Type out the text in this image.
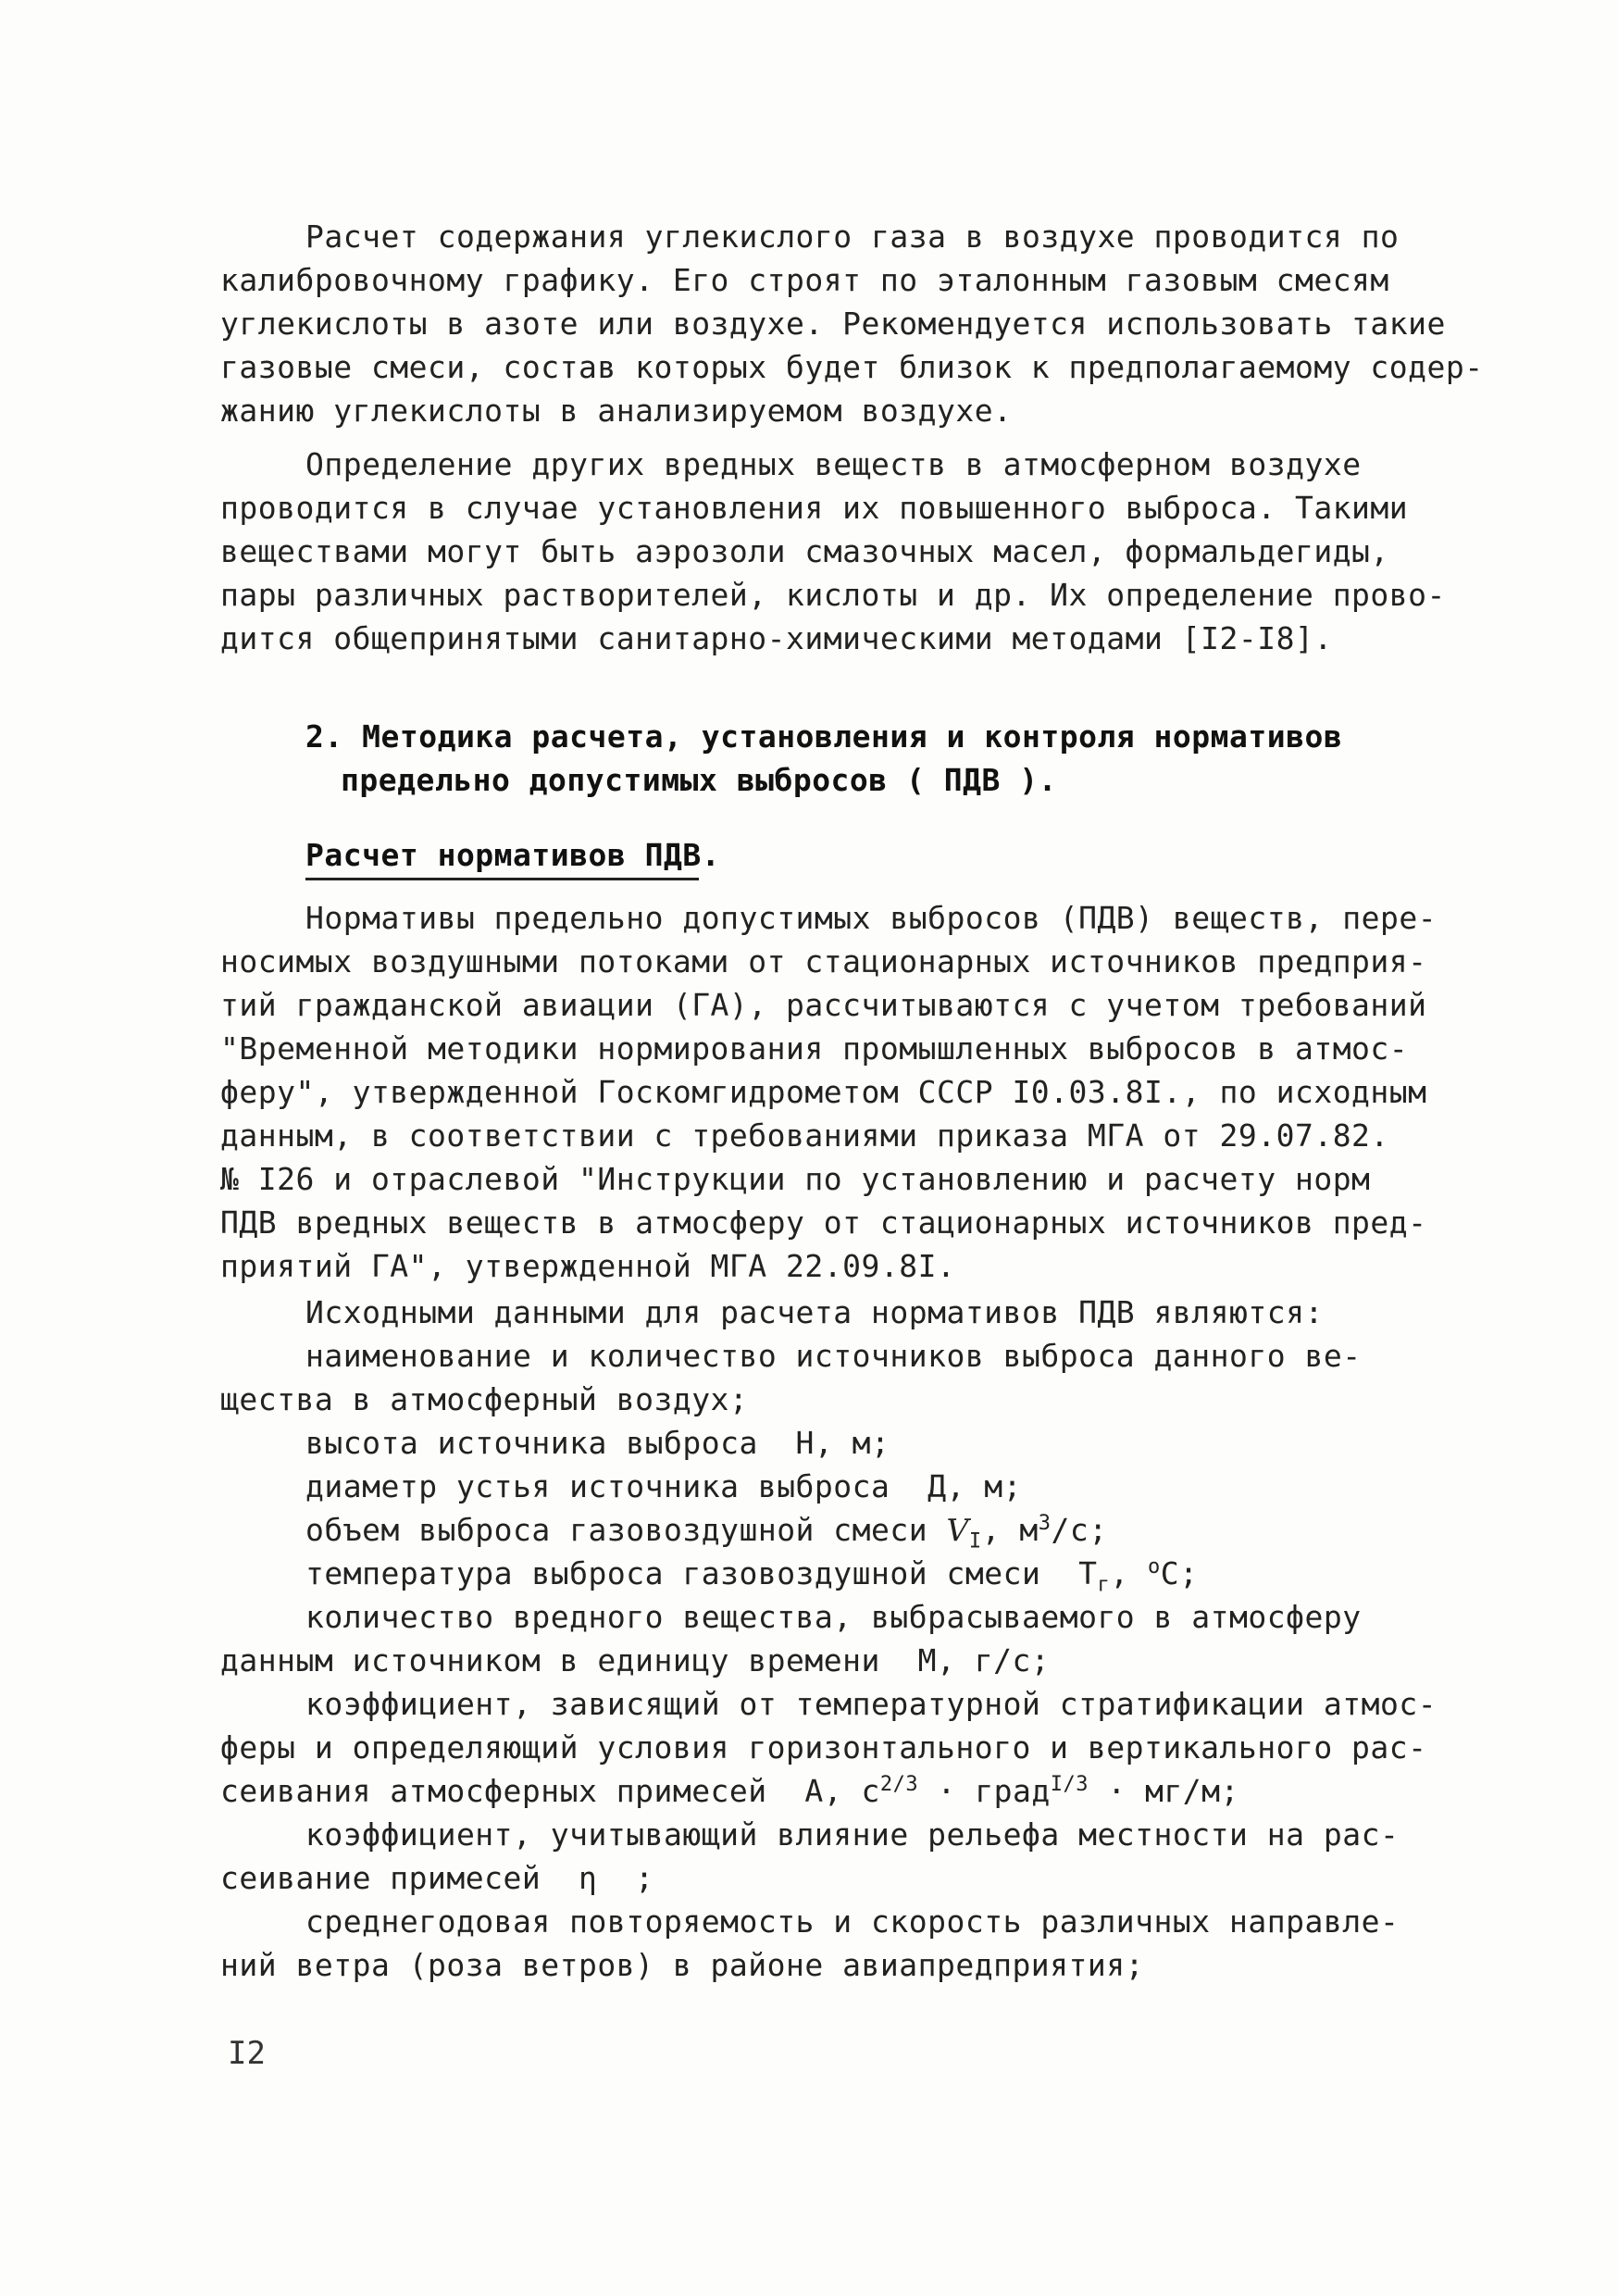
Расчет содержания углекислого газа в воздухе проводится по
калибровочному графику. Его строят по эталонным газовым смесям
углекислоты в азоте или воздухе. Рекомендуется использовать такие
газовые смеси, состав которых будет близок к предполагаемому содер-
жанию углекислоты в анализируемом воздухе.
Определение других вредных веществ в атмосферном воздухе
проводится в случае установления их повышенного выброса. Такими
веществами могут быть аэрозоли смазочных масел, формальдегиды,
пары различных растворителей, кислоты и др. Их определение прово-
дится общепринятыми санитарно-химическими методами [I2-I8].
2. Методика расчета, установления и контроля нормативов
предельно допустимых выбросов ( ПДВ ).
Расчет нормативов ПДВ.
Нормативы предельно допустимых выбросов (ПДВ) веществ, пере-
носимых воздушными потоками от стационарных источников предприя-
тий гражданской авиации (ГА), рассчитываются с учетом требований
"Временной методики нормирования промышленных выбросов в атмос-
феру", утвержденной Госкомгидрометом СССР I0.03.8I., по исходным
данным, в соответствии с требованиями приказа МГА от 29.07.82.
№ I26 и отраслевой "Инструкции по установлению и расчету норм
ПДВ вредных веществ в атмосферу от стационарных источников пред-
приятий ГА", утвержденной МГА 22.09.8I.
Исходными данными для расчета нормативов ПДВ являются:
наименование и количество источников выброса данного ве-
щества в атмосферный воздух;
высота источника выброса  Н, м;
диаметр устья источника выброса  Д, м;
объем выброса газовоздушной смеси $V_I$, $м^3/с$;
температура выброса газовоздушной смеси  $Т_г$, $^о$С;
количество вредного вещества, выбрасываемого в атмосферу
данным источником в единицу времени  М, г/с;
коэффициент, зависящий от температурной стратификации атмос-
феры и определяющий условия горизонтального и вертикального рас-
сеивания атмосферных примесей  А, $с^{2/3}$ · град$^{I/3}$ · мг/м;
коэффициент, учитывающий влияние рельефа местности на рас-
сеивание примесей  η  ;
среднегодовая повторяемость и скорость различных направле-
ний ветра (роза ветров) в районе авиапредприятия;
I2
